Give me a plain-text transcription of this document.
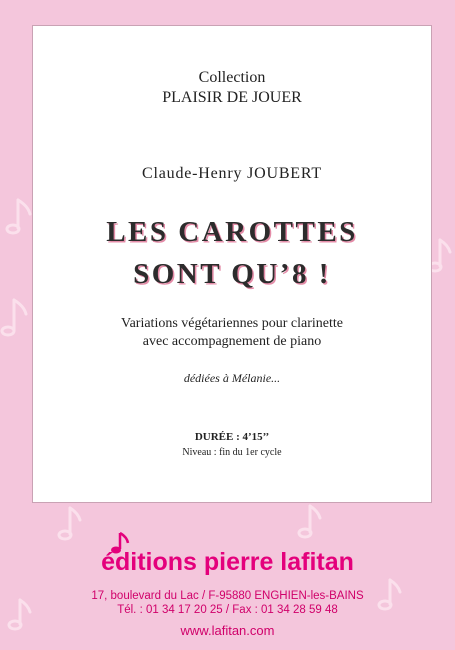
Collection
PLAISIR DE JOUER
Claude-Henry JOUBERT
LES CAROTTES
SONT QU’8 !
Variations végétariennes pour clarinette
avec accompagnement de piano
dédiées à Mélanie...
DURÉE : 4’15’’
Niveau : fin du 1er cycle
éditions pierre lafitan
17, boulevard du Lac / F-95880 ENGHIEN-les-BAINS
Tél. : 01 34 17 20 25 / Fax : 01 34 28 59 48
www.lafitan.com
